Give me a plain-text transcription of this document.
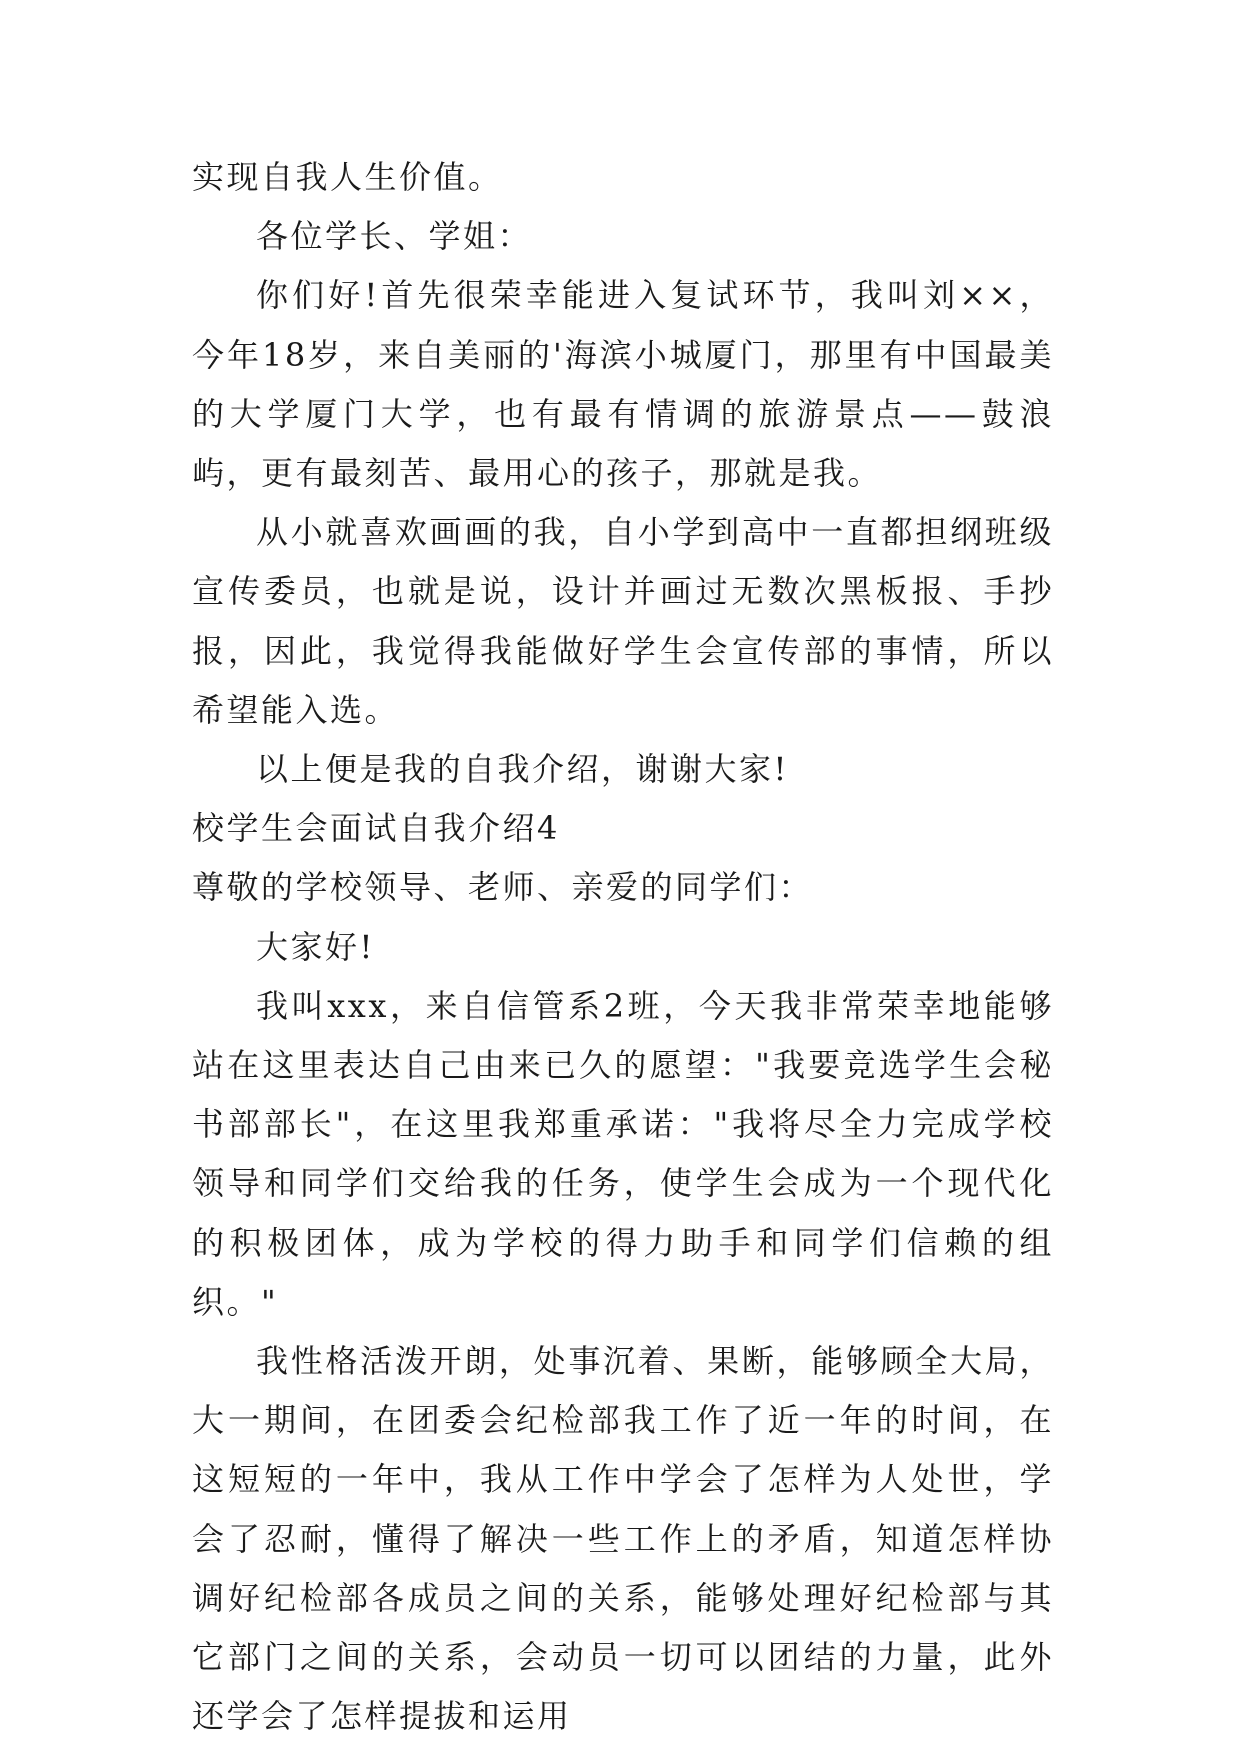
实现自我人生价值。

各位学长、学姐：

你们好!首先很荣幸能进入复试环节，我叫刘××，今年18岁，来自美丽的'海滨小城厦门，那里有中国最美的大学厦门大学，也有最有情调的旅游景点——鼓浪屿，更有最刻苦、最用心的孩子，那就是我。

从小就喜欢画画的我，自小学到高中一直都担纲班级宣传委员，也就是说，设计并画过无数次黑板报、手抄报，因此，我觉得我能做好学生会宣传部的事情，所以希望能入选。

以上便是我的自我介绍，谢谢大家!

校学生会面试自我介绍4

尊敬的学校领导、老师、亲爱的同学们：

大家好!

我叫xxx，来自信管系2班，今天我非常荣幸地能够站在这里表达自己由来已久的愿望："我要竞选学生会秘书部部长"，在这里我郑重承诺："我将尽全力完成学校领导和同学们交给我的任务，使学生会成为一个现代化的积极团体，成为学校的得力助手和同学们信赖的组织。"

我性格活泼开朗，处事沉着、果断，能够顾全大局，大一期间，在团委会纪检部我工作了近一年的时间，在这短短的一年中，我从工作中学会了怎样为人处世，学会了忍耐，懂得了解决一些工作上的矛盾，知道怎样协调好纪检部各成员之间的关系，能够处理好纪检部与其它部门之间的关系，会动员一切可以团结的力量，此外还学会了怎样提拔和运用
